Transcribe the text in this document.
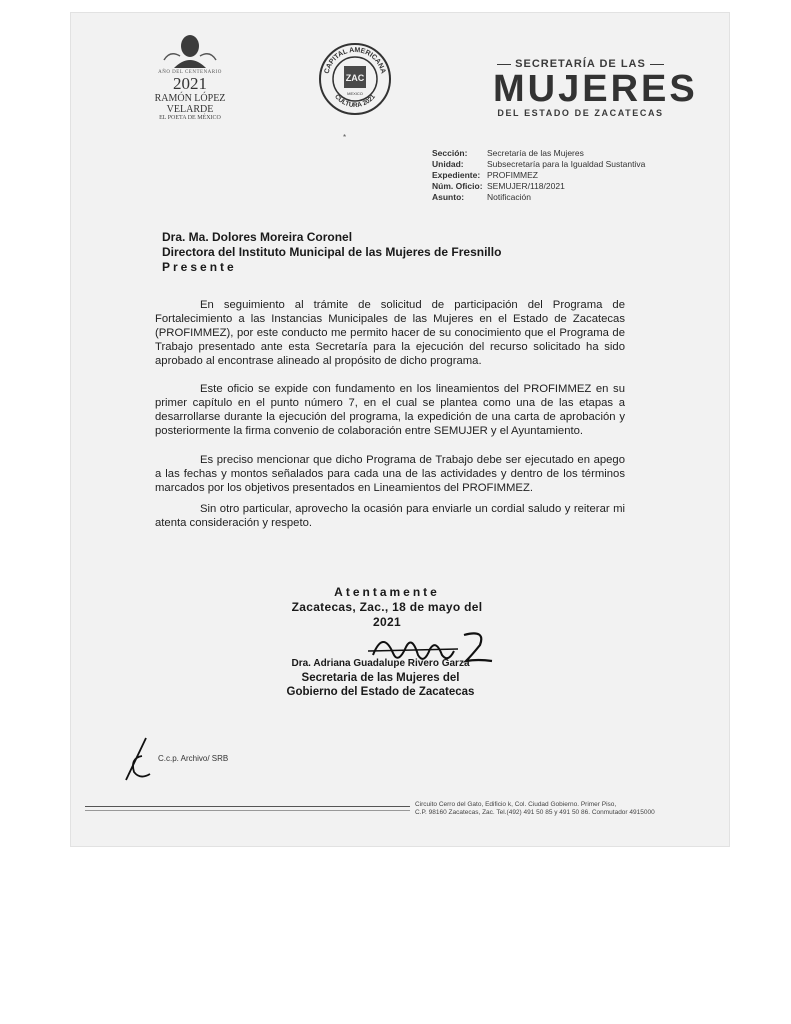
AÑO DEL CENTENARIO
2021
RAMÓN LÓPEZ VELARDE
EL POETA DE MÉXICO
CAPITAL AMERICANA
CULTURA 2021
ZAC
MEXICO
SECRETARÍA DE LAS
MUJERES
DEL ESTADO DE ZACATECAS
*
Sección:	Secretaría de las Mujeres
Unidad:	Subsecretaría para la Igualdad Sustantiva
Expediente: PROFIMMEZ
Núm. Oficio: SEMUJER/118/2021
Asunto:	Notificación
Dra. Ma. Dolores Moreira Coronel
Directora del Instituto Municipal de las Mujeres de Fresnillo
Presente
En seguimiento al trámite de solicitud de participación del Programa de Fortalecimiento a las Instancias Municipales de las Mujeres en el Estado de Zacatecas (PROFIMMEZ), por este conducto me permito hacer de su conocimiento que el Programa de Trabajo presentado ante esta Secretaría para la ejecución del recurso solicitado ha sido aprobado al encontrase alineado al propósito de dicho programa.
Este oficio se expide con fundamento en los lineamientos del PROFIMMEZ en su primer capítulo en el punto número 7, en el cual se plantea como una de las etapas a desarrollarse durante la ejecución del programa, la expedición de una carta de aprobación y posteriormente la firma convenio de colaboración entre SEMUJER y el Ayuntamiento.
Es preciso mencionar que dicho Programa de Trabajo debe ser ejecutado en apego a las fechas y montos señalados para cada una de las actividades y dentro de los términos marcados por los objetivos presentados en Lineamientos del PROFIMMEZ.
Sin otro particular, aprovecho la ocasión para enviarle un cordial saludo y reiterar mi atenta consideración y respeto.
Atentamente
Zacatecas, Zac., 18 de mayo del 2021
Dra. Adriana Guadalupe Rivero Garza
Secretaria de las Mujeres del
Gobierno del Estado de Zacatecas
C.c.p. Archivo/ SRB
Circuito Cerro del Gato, Edificio k, Col. Ciudad Gobierno. Primer Piso,
C.P. 98160 Zacatecas, Zac. Tel.(492) 491 50 85 y 491 50 86. Conmutador 4915000
